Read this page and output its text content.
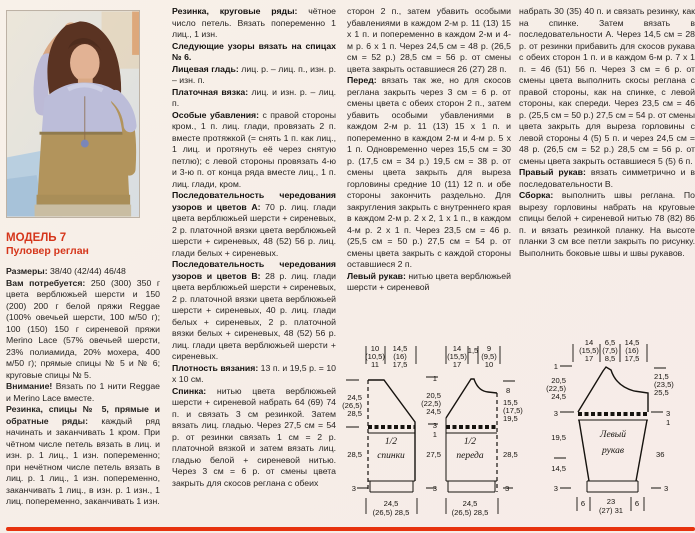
МОДЕЛЬ 7
Пуловер реглан

Размеры: 38/40 (42/44) 46/48

Вам потребуется: 250 (300) 350 г цвета верблюжьей шерсти и 150 (200) 200 г белой пряжи Reggae (100% овечьей шерсти, 100 м/50 г); 100 (150) 150 г сиреневой пряжи Merino Lace (57% овечьей шерсти, 23% полиамида, 20% мохера, 400 м/50 г); прямые спицы № 5 и № 6; круговые спицы № 5.

Внимание! Вязать по 1 нити Reggae и Merino Lace вместе.

Резинка, спицы № 5, прямые и обратные ряды: каждый ряд начинать и заканчивать 1 кром. При чётном числе петель вязать в лиц. и изн. р. 1 лиц., 1 изн. попеременно; при нечётном числе петель вязать в лиц. р. 1 лиц., 1 изн. попеременно, заканчивать 1 лиц., в изн. р. 1 изн., 1 лиц. попеременно, заканчивать 1 изн.

Резинка, круговые ряды: чётное число петель. Вязать попеременно 1 лиц., 1 изн.

Следующие узоры вязать на спицах № 6.

Лицевая гладь: лиц. р. – лиц. п., изн. р. – изн. п.

Платочная вязка: лиц. и изн. р. – лиц. п.

Особые убавления: с правой стороны кром., 1 п. лиц. глади, провязать 2 п. вместе протяжкой (= снять 1 п. как лиц., 1 лиц. и протянуть её через снятую петлю); с левой стороны провязать 4-ю и 3-ю п. от конца ряда вместе лиц., 1 п. лиц. глади, кром.

Последовательность чередования узоров и цветов А: 70 р. лиц. глади цвета верблюжьей шерсти + сиреневых, 2 р. платочной вязки цвета верблюжьей шерсти + сиреневых, 48 (52) 56 р. лиц. глади белых + сиреневых.

Последовательность чередования узоров и цветов В: 28 р. лиц. глади цвета верблюжьей шерсти + сиреневых, 2 р. платочной вязки цвета верблюжьей шерсти + сиреневых, 40 р. лиц. глади белых + сиреневых, 2 р. платочной вязки белых + сиреневых, 48 (52) 56 р. лиц. глади цвета верблюжьей шерсти + сиреневых.

Плотность вязания: 13 п. и 19,5 р. = 10 х 10 см.

Спинка: нитью цвета верблюжьей шерсти + сиреневой набрать 64 (69) 74 п. и связать 3 см резинкой. Затем вязать лиц. гладью. Через 27,5 см = 54 р. от резинки связать 1 см = 2 р. платочной вязкой и затем вязать лиц. гладью белой + сиреневой нитью. Через 3 см = 6 р. от смены цвета закрыть для скосов реглана с обеих

сторон 2 п., затем убавить особыми убавлениями в каждом 2-м р. 11 (13) 15 х 1 п. и попеременно в каждом 2-м и 4-м р. 6 х 1 п. Через 24,5 см = 48 р. (26,5 см = 52 р.) 28,5 см = 56 р. от смены цвета закрыть оставшиеся 26 (27) 28 п.

Перед: вязать так же, но для скосов реглана закрыть через 3 см = 6 р. от смены цвета с обеих сторон 2 п., затем убавить особыми убавлениями в каждом 2-м р. 11 (13) 15 х 1 п. и попеременно в каждом 2-м и 4-м р. 5 х 1 п. Одновременно через 15,5 см = 30 р. (17,5 см = 34 р.) 19,5 см = 38 р. от смены цвета закрыть для выреза горловины средние 10 (11) 12 п. и обе стороны закончить раздельно. Для закругления закрыть с внутреннего края в каждом 2-м р. 2 х 2, 1 х 1 п., в каждом 4-м р. 2 х 1 п. Через 23,5 см = 46 р. (25,5 см = 50 р.) 27,5 см = 54 р. от смены цвета закрыть с каждой стороны оставшиеся 2 п.

Левый рукав: нитью цвета верблюжьей шерсти + сиреневой

набрать 30 (35) 40 п. и связать резинку, как на спинке. Затем вязать в последовательности А. Через 14,5 см = 28 р. от резинки прибавить для скосов рукава с обеих сторон 1 п. и в каждом 6-м р. 7 х 1 п. = 46 (51) 56 п. Через 3 см = 6 р. от смены цвета выполнить скосы реглана с правой стороны, как на спинке, с левой стороны, как спереди. Через 23,5 см = 46 р. (25,5 см = 50 р.) 27,5 см = 54 р. от смены цвета закрыть для выреза горловины с левой стороны 4 (5) 5 п. и через 24,5 см = 48 р. (26,5 см = 52 р.) 28,5 см = 56 р. от смены цвета закрыть оставшиеся 5 (5) 6 п.

Правый рукав: вязать симметрично и в последовательности В.

Сборка: выполнить швы реглана. По вырезу горловины набрать на круговые спицы белой + сиреневой нитью 78 (82) 86 п. и вязать резинкой планку. На высоте планки 3 см все петли закрыть по рисунку. Выполнить боковые швы и швы рукавов.

10
(10,5)
11
14,5
(16)
17,5
24,5
(26,5)
28,5
28,5
3
24,5
(26,5) 28,5
1/2
спинки
14
(15,5)
17
1,5 9
(9,5)
10
1
20,5
(22,5)
24,5
3
1
27,5
3
8
15,5
(17,5)
19,5
28,5
3
24,5
(26,5) 28,5
1/2
переда
14
(15,5)
17
6,5
(7,5)
8,5
14,5
(16)
17,5
1
20,5
(22,5)
24,5
3
19,5
14,5
3
21,5
(23,5)
25,5
3
1
36
3
6	23
(27) 31
6
Левый
рукав
